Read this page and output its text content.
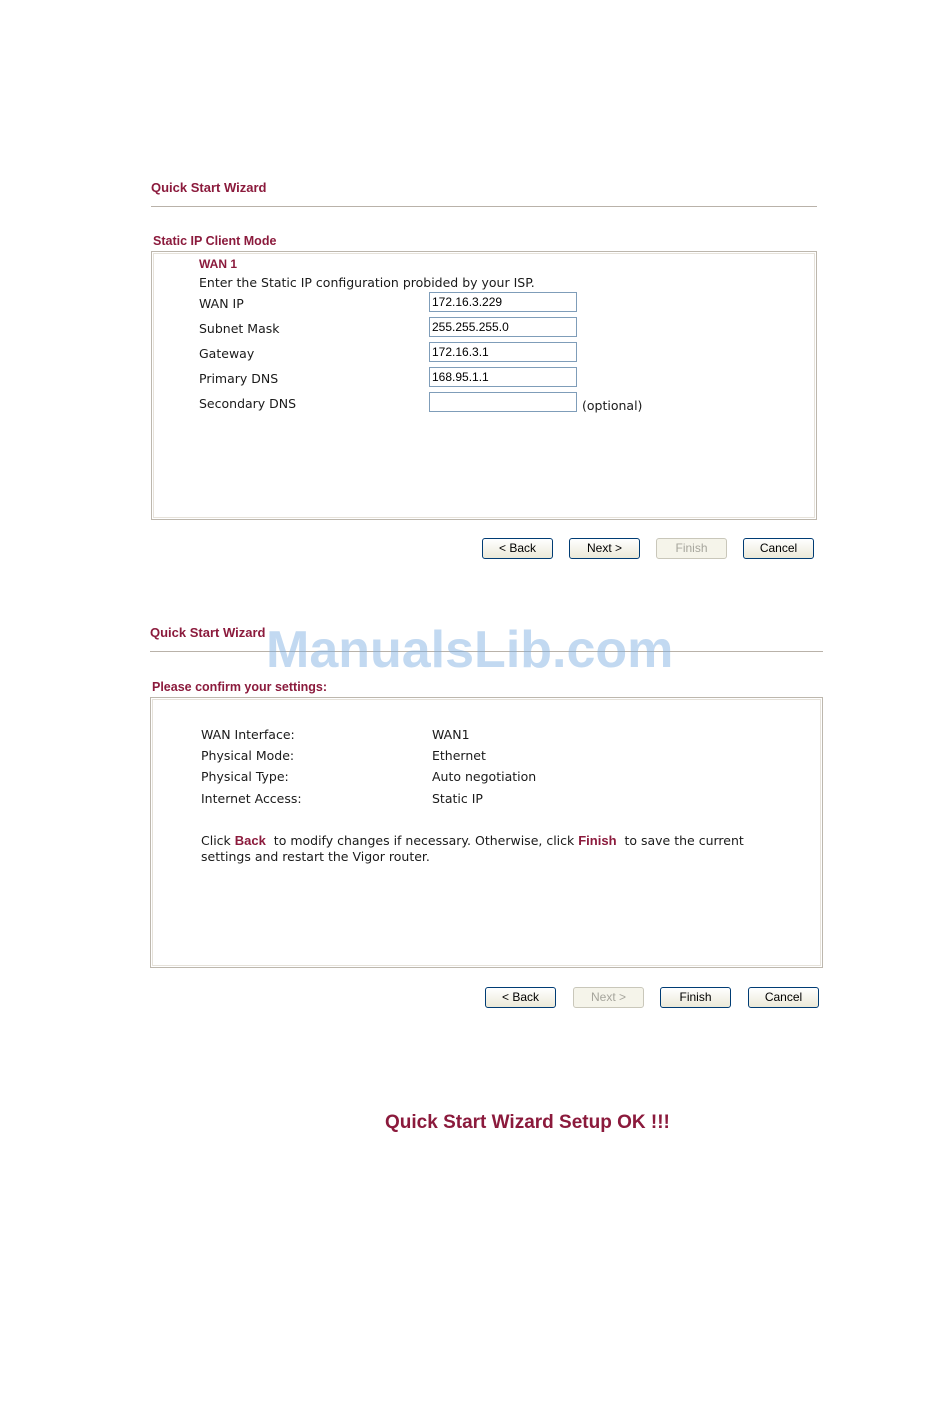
Quick Start Wizard
Static IP Client Mode
WAN 1
Enter the Static IP configuration probided by your ISP.
WAN IP	172.16.3.229
Subnet Mask	255.255.255.0
Gateway	172.16.3.1
Primary DNS	168.95.1.1
Secondary DNS	(optional)
< Back	Next >	Finish	Cancel
Quick Start Wizard
Please confirm your settings:
WAN Interface:	WAN1
Physical Mode:	Ethernet
Physical Type:	Auto negotiation
Internet Access:	Static IP
Click Back  to modify changes if necessary. Otherwise, click Finish  to save the current
settings and restart the Vigor router.
< Back	Next >	Finish	Cancel
ManualsLib.com
Quick Start Wizard Setup OK !!!
